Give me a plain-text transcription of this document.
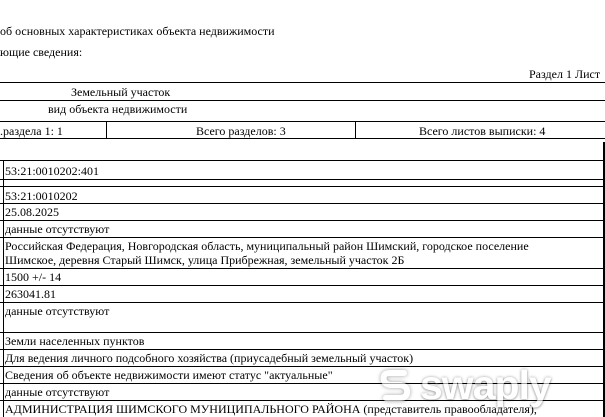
об основных характеристиках объекта недвижимости
ющие сведения:
Раздел 1 Лист
Земельный участок
вид объекта недвижимости
.раздела 1: 1	Всего разделов: 3	Всего листов выписки: 4
53:21:0010202:401
53:21:0010202
25.08.2025
данные отсутствуют
Российская Федерация, Новгородская область, муниципальный район Шимский, городское поселение
Шимское, деревня Старый Шимск, улица Прибрежная, земельный участок 2Б
1500 +/- 14
263041.81
данные отсутствуют
Земли населенных пунктов
Для ведения личного подсобного хозяйства (приусадебный земельный участок)
Сведения об объекте недвижимости имеют статус "актуальные"
данные отсутствуют
АДМИНИСТРАЦИЯ ШИМСКОГО МУНИЦИПАЛЬНОГО РАЙОНА (представитель правообладателя),
swaply
